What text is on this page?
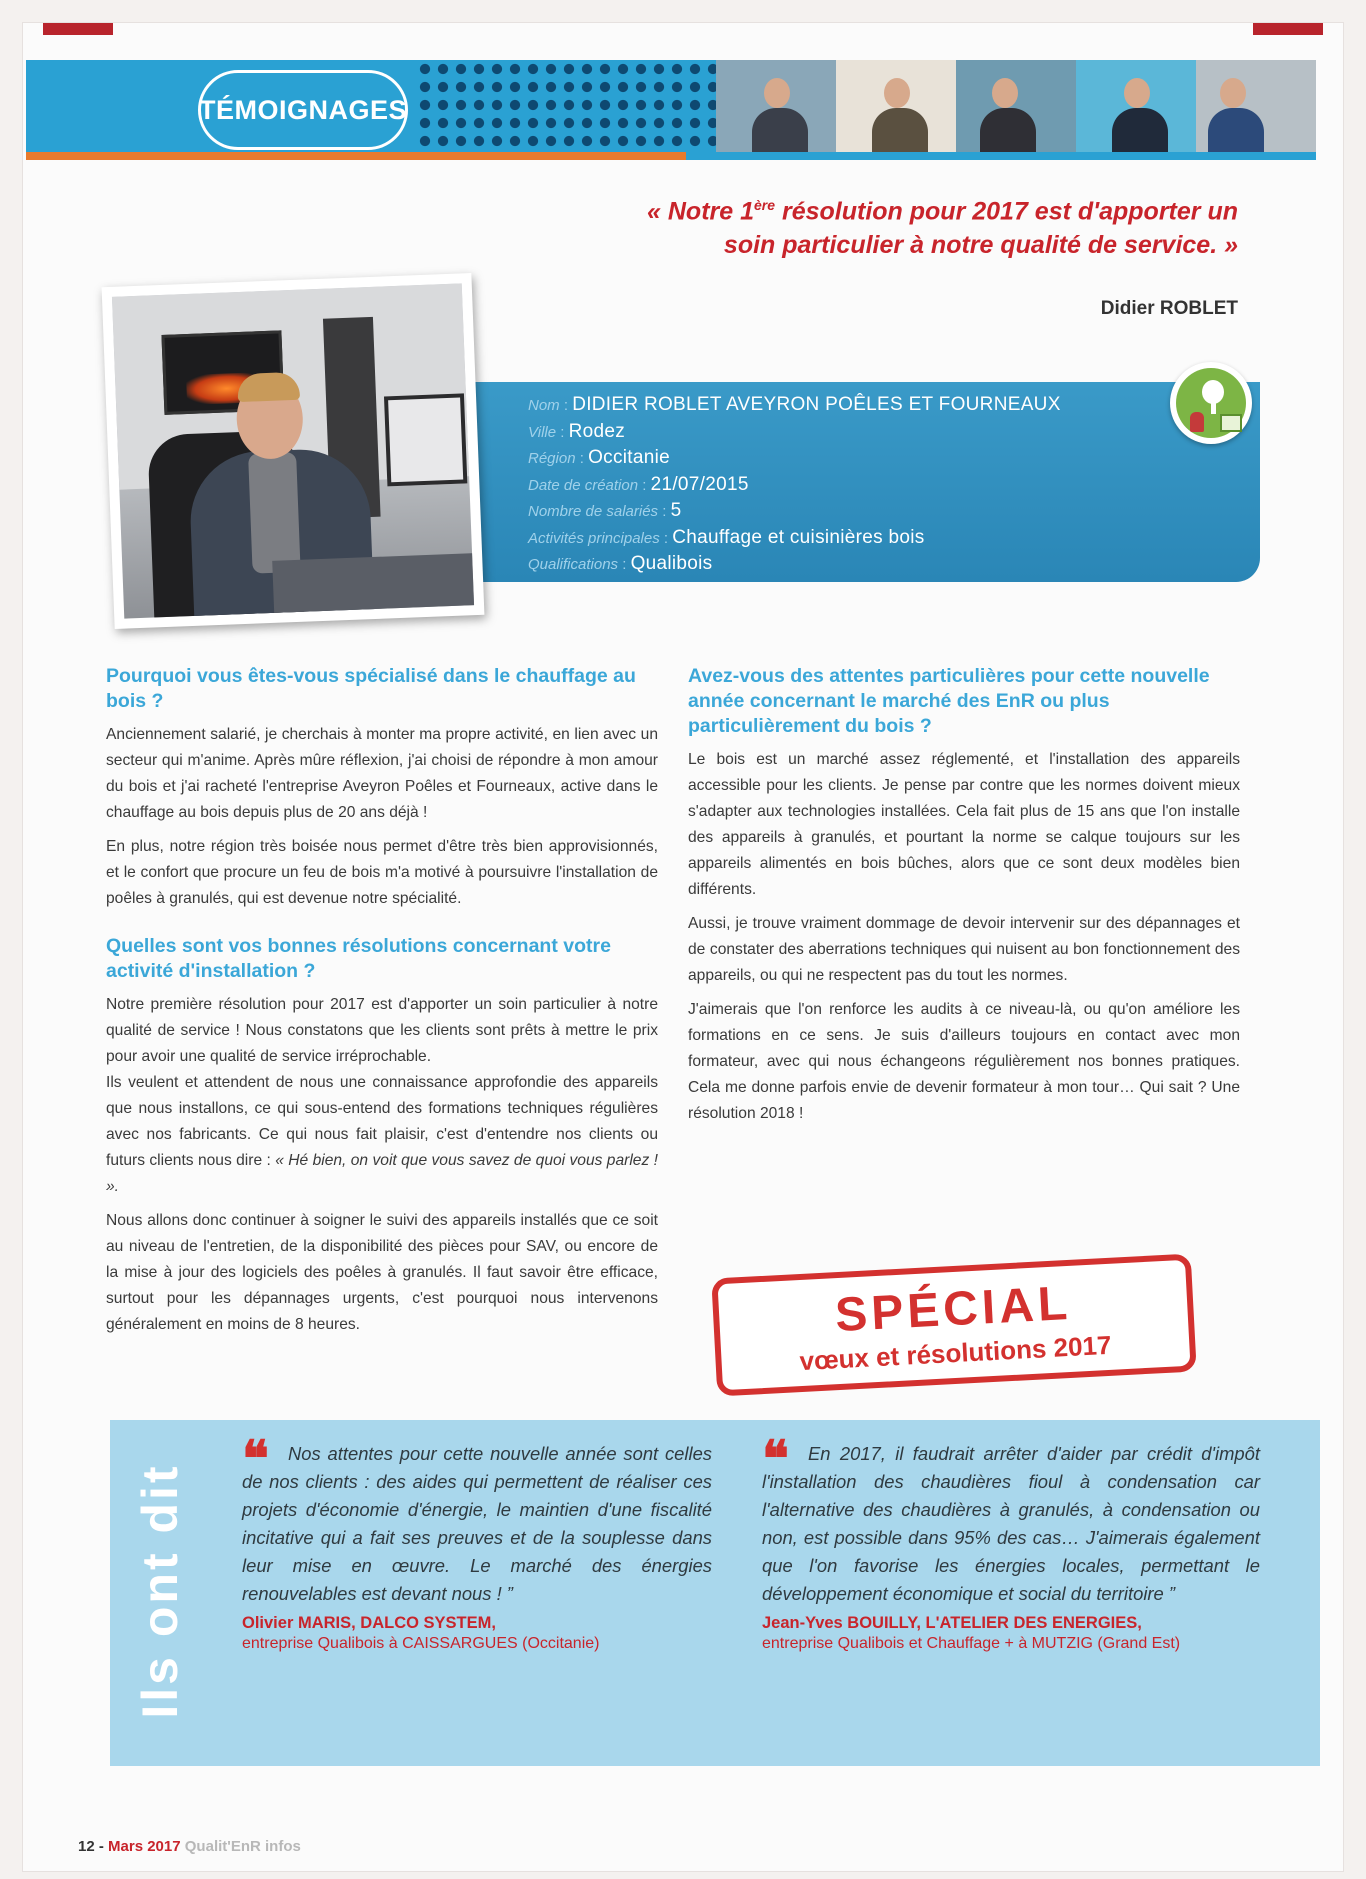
TÉMOIGNAGES
« Notre 1ère résolution pour 2017 est d'apporter un soin particulier à notre qualité de service. »
Didier ROBLET
Nom : DIDIER ROBLET AVEYRON POÊLES ET FOURNEAUX
Ville : Rodez
Région : Occitanie
Date de création : 21/07/2015
Nombre de salariés : 5
Activités principales : Chauffage et cuisinières bois
Qualifications : Qualibois
Pourquoi vous êtes-vous spécialisé dans le chauffage au bois ?

Anciennement salarié, je cherchais à monter ma propre activité, en lien avec un secteur qui m'anime. Après mûre réflexion, j'ai choisi de répondre à mon amour du bois et j'ai racheté l'entreprise Aveyron Poêles et Fourneaux, active dans le chauffage au bois depuis plus de 20 ans déjà !

En plus, notre région très boisée nous permet d'être très bien approvisionnés, et le confort que procure un feu de bois m'a motivé à poursuivre l'installation de poêles à granulés, qui est devenue notre spécialité.

Quelles sont vos bonnes résolutions concernant votre activité d'installation ?

Notre première résolution pour 2017 est d'apporter un soin particulier à notre qualité de service ! Nous constatons que les clients sont prêts à mettre le prix pour avoir une qualité de service irréprochable.

Ils veulent et attendent de nous une connaissance approfondie des appareils que nous installons, ce qui sous-entend des formations techniques régulières avec nos fabricants. Ce qui nous fait plaisir, c'est d'entendre nos clients ou futurs clients nous dire : « Hé bien, on voit que vous savez de quoi vous parlez ! ».

Nous allons donc continuer à soigner le suivi des appareils installés que ce soit au niveau de l'entretien, de la disponibilité des pièces pour SAV, ou encore de la mise à jour des logiciels des poêles à granulés. Il faut savoir être efficace, surtout pour les dépannages urgents, c'est pourquoi nous intervenons généralement en moins de 8 heures.

Avez-vous des attentes particulières pour cette nouvelle année concernant le marché des EnR ou plus particulièrement du bois ?

Le bois est un marché assez réglementé, et l'installation des appareils accessible pour les clients. Je pense par contre que les normes doivent mieux s'adapter aux technologies installées. Cela fait plus de 15 ans que l'on installe des appareils à granulés, et pourtant la norme se calque toujours sur les appareils alimentés en bois bûches, alors que ce sont deux modèles bien différents.

Aussi, je trouve vraiment dommage de devoir intervenir sur des dépannages et de constater des aberrations techniques qui nuisent au bon fonctionnement des appareils, ou qui ne respectent pas du tout les normes.

J'aimerais que l'on renforce les audits à ce niveau-là, ou qu'on améliore les formations en ce sens. Je suis d'ailleurs toujours en contact avec mon formateur, avec qui nous échangeons régulièrement nos bonnes pratiques. Cela me donne parfois envie de devenir formateur à mon tour… Qui sait ? Une résolution 2018 !

SPÉCIAL
vœux et résolutions 2017
Ils ont dit
❝	Nos attentes pour cette nouvelle année sont celles de nos clients : des aides qui permettent de réaliser ces projets d'économie d'énergie, le maintien d'une fiscalité incitative qui a fait ses preuves et de la souplesse dans leur mise en œuvre. Le marché des énergies renouvelables est devant nous ! ”

Olivier MARIS, DALCO SYSTEM,
entreprise Qualibois à CAISSARGUES (Occitanie)
❝	En 2017, il faudrait arrêter d'aider par crédit d'impôt l'installation des chaudières fioul à condensation car l'alternative des chaudières à granulés, à condensation ou non, est possible dans 95% des cas… J'aimerais également que l'on favorise les énergies locales, permettant le développement économique et social du territoire ”

Jean-Yves BOUILLY, L'ATELIER DES ENERGIES,
entreprise Qualibois et Chauffage + à MUTZIG (Grand Est)
12 - Mars 2017 Qualit'EnR infos
